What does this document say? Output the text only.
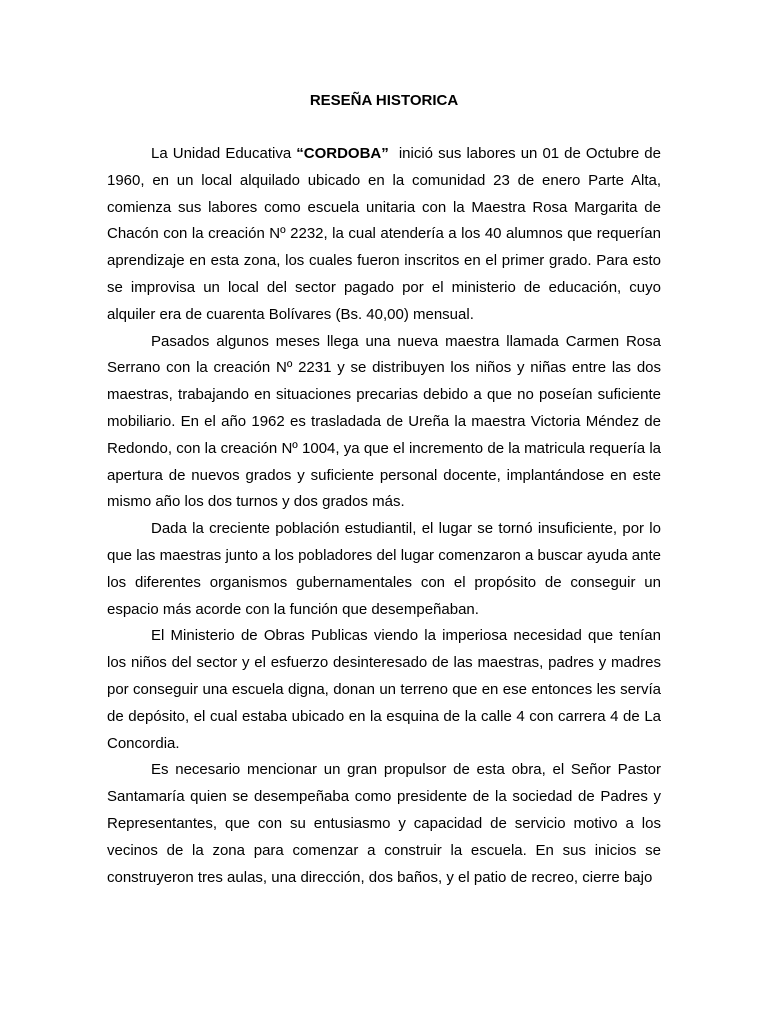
RESEÑA HISTORICA

La Unidad Educativa “CORDOBA”  inició sus labores un 01 de Octubre de 1960, en un local alquilado ubicado en la comunidad 23 de enero Parte Alta, comienza sus labores como escuela unitaria con la Maestra Rosa Margarita de Chacón con la creación Nº 2232, la cual atendería a los 40 alumnos que requerían aprendizaje en esta zona, los cuales fueron inscritos en el primer grado. Para esto se improvisa un local del sector pagado por el ministerio de educación, cuyo alquiler era de cuarenta Bolívares (Bs. 40,00) mensual.

Pasados algunos meses llega una nueva maestra llamada Carmen Rosa Serrano con la creación Nº 2231 y se distribuyen los niños y niñas entre las dos maestras, trabajando en situaciones precarias debido a que no poseían suficiente mobiliario. En el año 1962 es trasladada de Ureña la maestra Victoria Méndez de Redondo, con la creación Nº 1004, ya que el incremento de la matricula requería la apertura de nuevos grados y suficiente personal docente, implantándose en este mismo año los dos turnos y dos grados más.

Dada la creciente población estudiantil, el lugar se tornó insuficiente, por lo que las maestras junto a los pobladores del lugar comenzaron a buscar ayuda ante los diferentes organismos gubernamentales con el propósito de conseguir un espacio más acorde con la función que desempeñaban.

El Ministerio de Obras Publicas viendo la imperiosa necesidad que tenían los niños del sector y el esfuerzo desinteresado de las maestras, padres y madres por conseguir una escuela digna, donan un terreno que en ese entonces les servía de depósito, el cual estaba ubicado en la esquina de la calle 4 con carrera 4 de La Concordia.

Es necesario mencionar un gran propulsor de esta obra, el Señor Pastor Santamaría quien se desempeñaba como presidente de la sociedad de Padres y Representantes, que con su entusiasmo y capacidad de servicio motivo a los vecinos de la zona para comenzar a construir la escuela. En sus inicios se construyeron tres aulas, una dirección, dos baños, y el patio de recreo, cierre bajo
